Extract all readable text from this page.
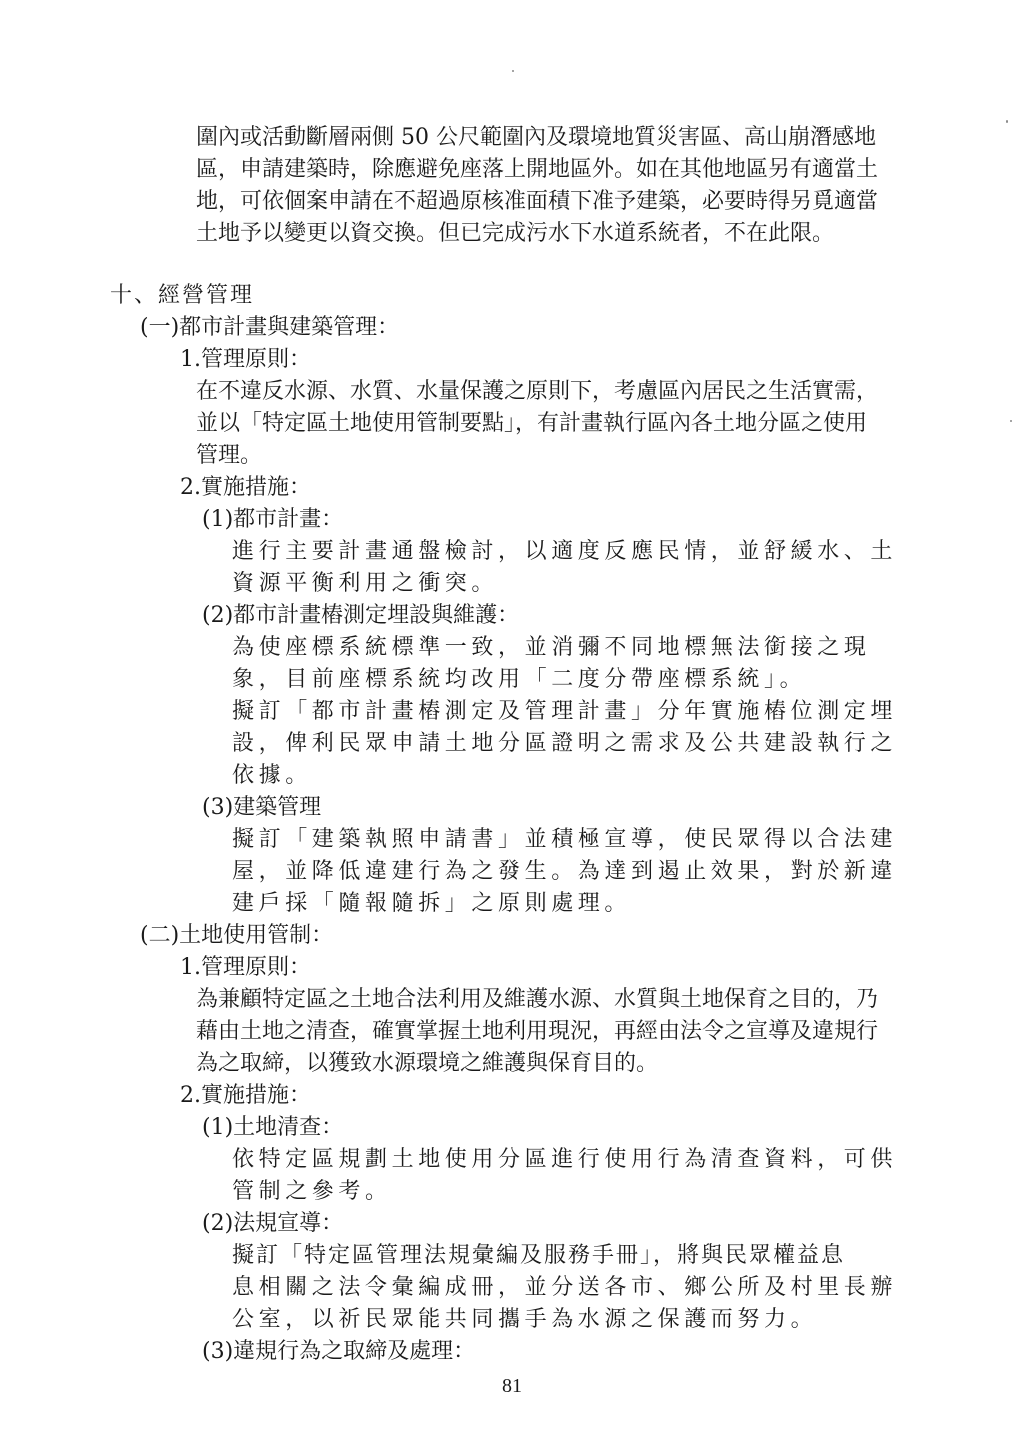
圍內或活動斷層兩側 50 公尺範圍內及環境地質災害區、高山崩潛感地
區，申請建築時，除應避免座落上開地區外。如在其他地區另有適當土
地，可依個案申請在不超過原核准面積下准予建築，必要時得另覓適當
土地予以變更以資交換。但已完成污水下水道系統者，不在此限。
十、經營管理
(一)都市計畫與建築管理：
1.管理原則：
在不違反水源、水質、水量保護之原則下，考慮區內居民之生活實需，
並以「特定區土地使用管制要點」，有計畫執行區內各土地分區之使用
管理。
2.實施措施：
(1)都市計畫：
進行主要計畫通盤檢討，以適度反應民情，並舒緩水、土
資源平衡利用之衝突。
(2)都市計畫樁測定埋設與維護：
為使座標系統標準一致，並消彌不同地標無法銜接之現
象，目前座標系統均改用「二度分帶座標系統」。
擬訂「都市計畫樁測定及管理計畫」分年實施樁位測定埋
設，俾利民眾申請土地分區證明之需求及公共建設執行之
依據。
(3)建築管理
擬訂「建築執照申請書」並積極宣導，使民眾得以合法建
屋，並降低違建行為之發生。為達到遏止效果，對於新違
建戶採「隨報隨拆」之原則處理。
(二)土地使用管制：
1.管理原則：
為兼顧特定區之土地合法利用及維護水源、水質與土地保育之目的，乃
藉由土地之清查，確實掌握土地利用現況，再經由法令之宣導及違規行
為之取締，以獲致水源環境之維護與保育目的。
2.實施措施：
(1)土地清查：
依特定區規劃土地使用分區進行使用行為清查資料，可供
管制之參考。
(2)法規宣導：
擬訂「特定區管理法規彙編及服務手冊」，將與民眾權益息
息相關之法令彙編成冊，並分送各市、鄉公所及村里長辦
公室，以祈民眾能共同攜手為水源之保護而努力。
(3)違規行為之取締及處理：
81
